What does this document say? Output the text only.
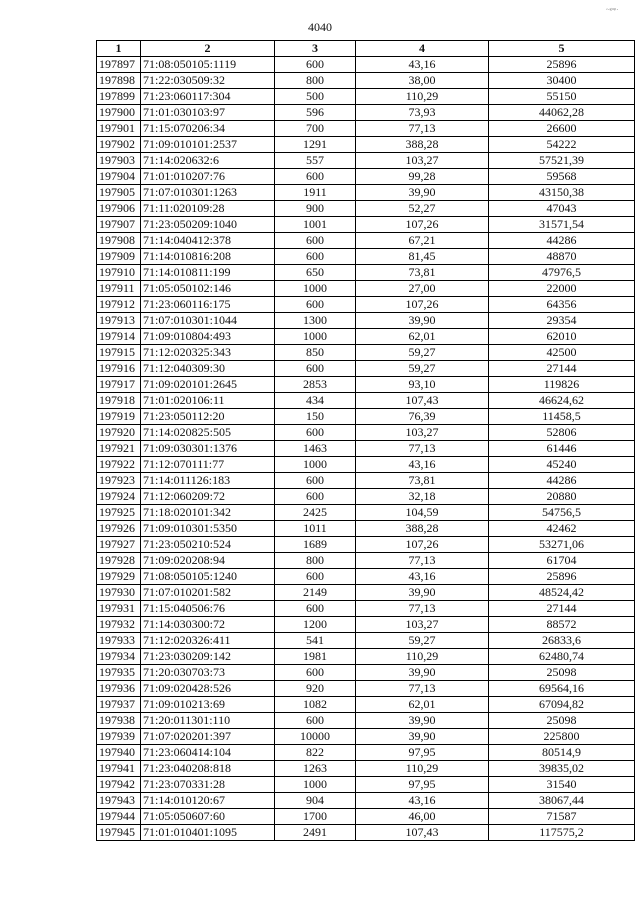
4040
~ᵍᵃᵠ·
1	2	3	4	5
197897	71:08:050105:1119	600	43,16	25896
197898	71:22:030509:32	800	38,00	30400
197899	71:23:060117:304	500	110,29	55150
197900	71:01:030103:97	596	73,93	44062,28
197901	71:15:070206:34	700	77,13	26600
197902	71:09:010101:2537	1291	388,28	54222
197903	71:14:020632:6	557	103,27	57521,39
197904	71:01:010207:76	600	99,28	59568
197905	71:07:010301:1263	1911	39,90	43150,38
197906	71:11:020109:28	900	52,27	47043
197907	71:23:050209:1040	1001	107,26	31571,54
197908	71:14:040412:378	600	67,21	44286
197909	71:14:010816:208	600	81,45	48870
197910	71:14:010811:199	650	73,81	47976,5
197911	71:05:050102:146	1000	27,00	22000
197912	71:23:060116:175	600	107,26	64356
197913	71:07:010301:1044	1300	39,90	29354
197914	71:09:010804:493	1000	62,01	62010
197915	71:12:020325:343	850	59,27	42500
197916	71:12:040309:30	600	59,27	27144
197917	71:09:020101:2645	2853	93,10	119826
197918	71:01:020106:11	434	107,43	46624,62
197919	71:23:050112:20	150	76,39	11458,5
197920	71:14:020825:505	600	103,27	52806
197921	71:09:030301:1376	1463	77,13	61446
197922	71:12:070111:77	1000	43,16	45240
197923	71:14:011126:183	600	73,81	44286
197924	71:12:060209:72	600	32,18	20880
197925	71:18:020101:342	2425	104,59	54756,5
197926	71:09:010301:5350	1011	388,28	42462
197927	71:23:050210:524	1689	107,26	53271,06
197928	71:09:020208:94	800	77,13	61704
197929	71:08:050105:1240	600	43,16	25896
197930	71:07:010201:582	2149	39,90	48524,42
197931	71:15:040506:76	600	77,13	27144
197932	71:14:030300:72	1200	103,27	88572
197933	71:12:020326:411	541	59,27	26833,6
197934	71:23:030209:142	1981	110,29	62480,74
197935	71:20:030703:73	600	39,90	25098
197936	71:09:020428:526	920	77,13	69564,16
197937	71:09:010213:69	1082	62,01	67094,82
197938	71:20:011301:110	600	39,90	25098
197939	71:07:020201:397	10000	39,90	225800
197940	71:23:060414:104	822	97,95	80514,9
197941	71:23:040208:818	1263	110,29	39835,02
197942	71:23:070331:28	1000	97,95	31540
197943	71:14:010120:67	904	43,16	38067,44
197944	71:05:050607:60	1700	46,00	71587
197945	71:01:010401:1095	2491	107,43	117575,2
